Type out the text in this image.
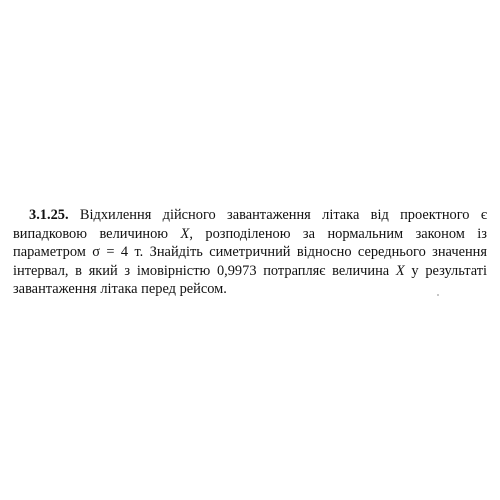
3.1.25. Відхилення дійсного завантаження літака від проектного є випадковою величиною X, розподіленою за нормальним законом із параметром σ = 4 т. Знайдіть симетричний відносно середнього значення інтервал, в який з імовірністю 0,9973 потрапляє величина X у результаті завантаження літака перед рейсом.
